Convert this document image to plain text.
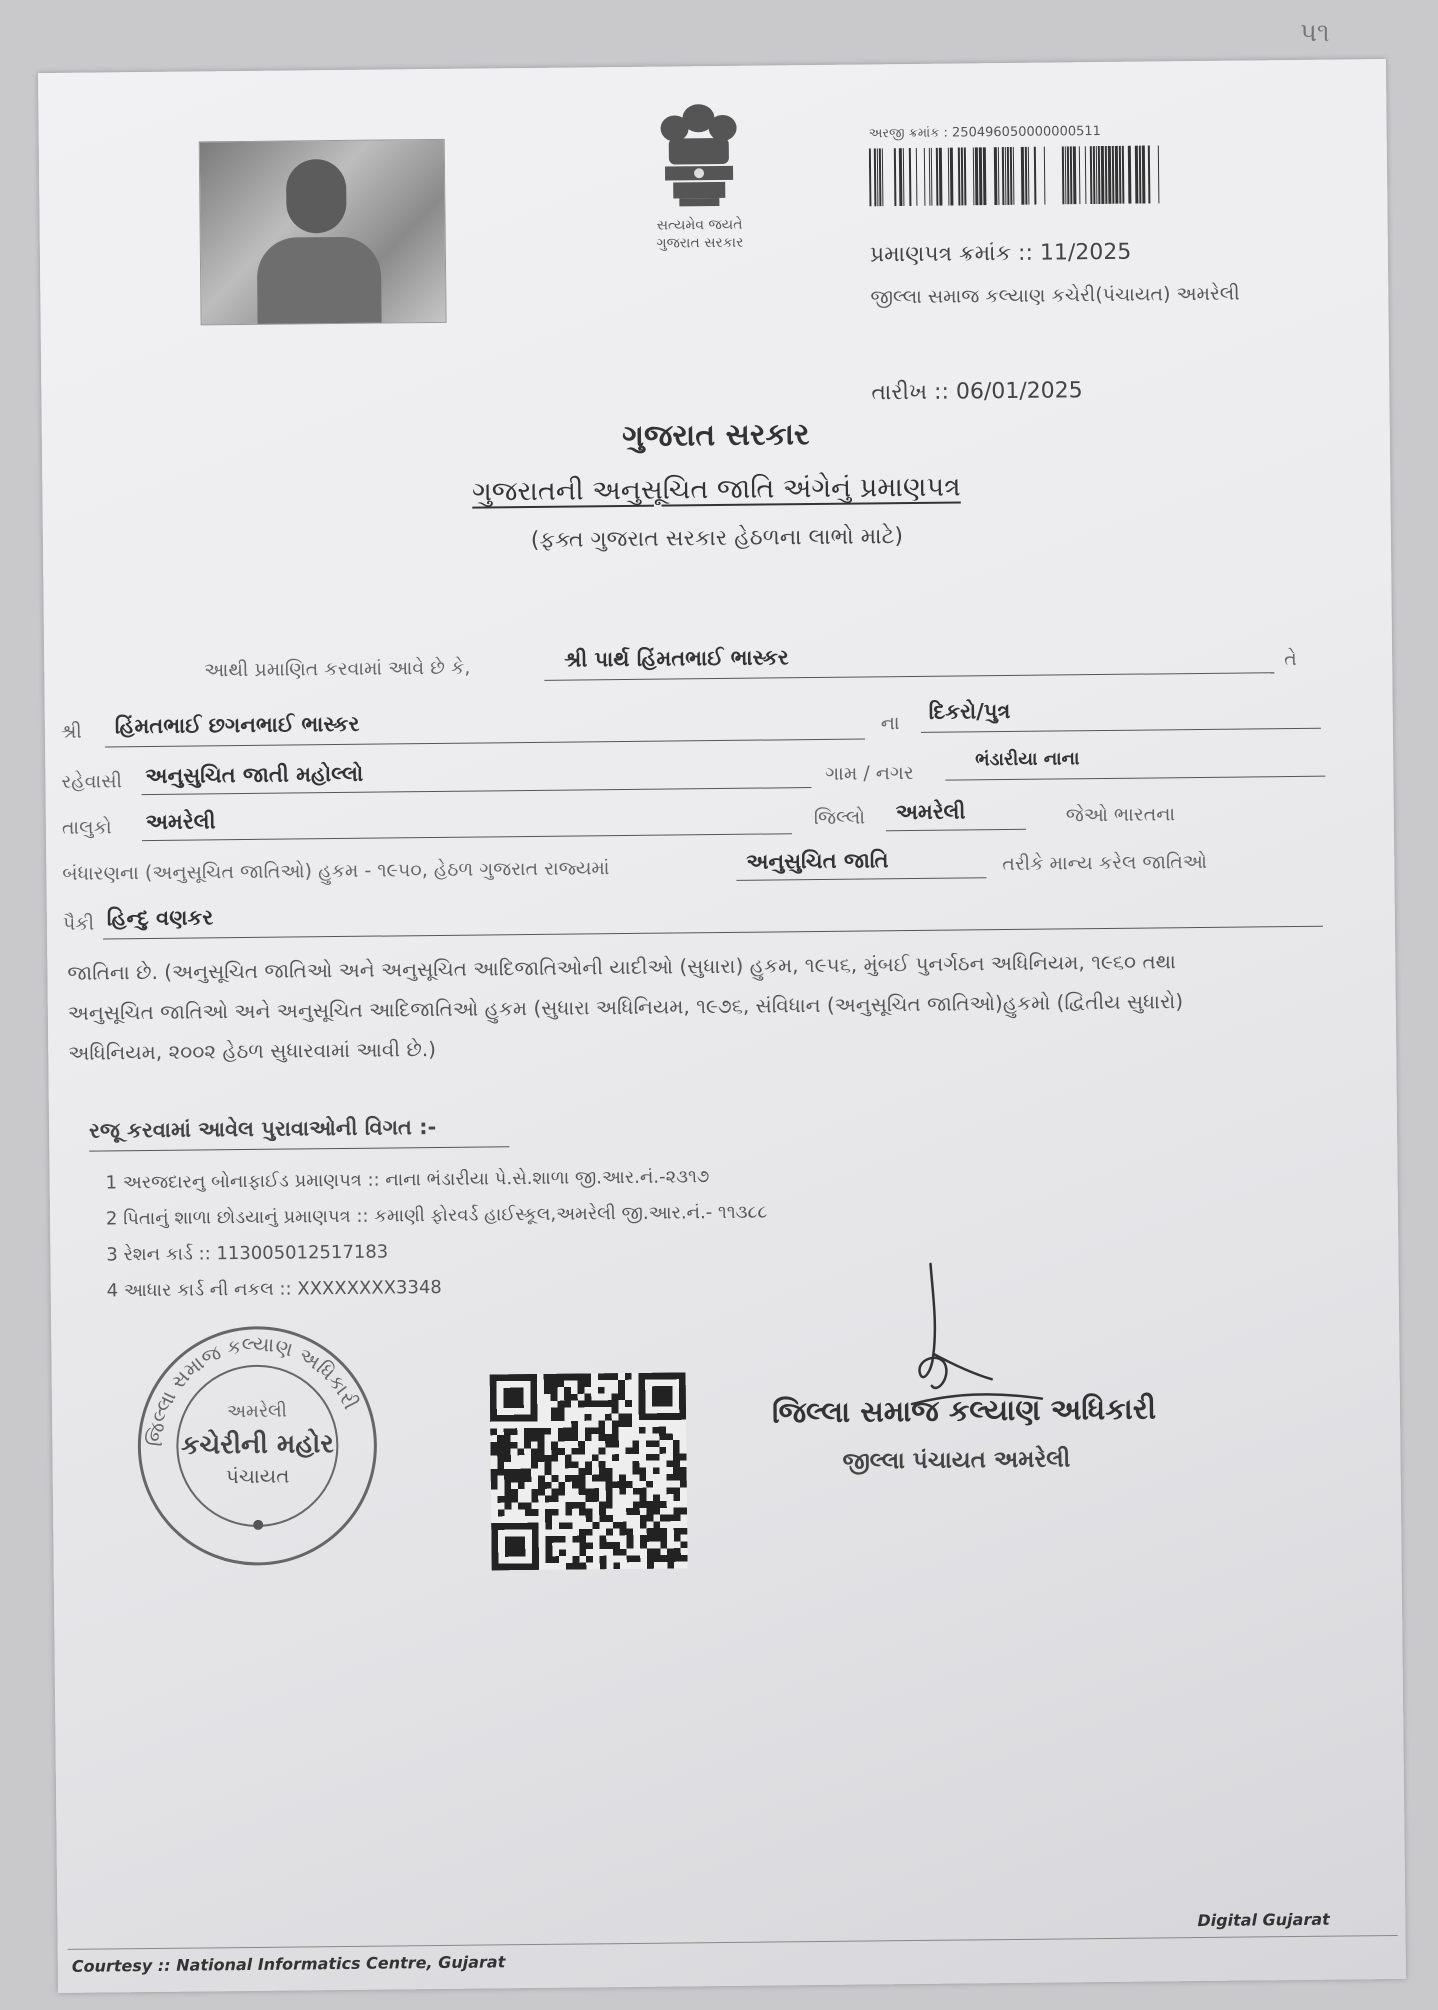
પ૧
સત્યમેવ જયતે
ગુજરાત સરકાર
અરજી ક્રમાંક : 250496050000000511
પ્રમાણપત્ર ક્રમાંક :: 11/2025
જીલ્લા સમાજ કલ્યાણ કચેરી(પંચાયત) અમરેલી
તારીખ :: 06/01/2025
ગુજરાત સરકાર
ગુજરાતની અનુસૂચિત જાતિ અંગેનું પ્રમાણપત્ર
(ફક્ત ગુજરાત સરકાર હેઠળના લાભો માટે)
આથી પ્રમાણિત કરવામાં આવે છે કે,	શ્રી પાર્થ હિંમતભાઈ ભાસ્કર	તે
શ્રી હિંમતભાઈ છગનભાઈ ભાસ્કર	ના દિકરો/પુત્ર
રહેવાસી અનુસુચિત જાતી મહોલ્લો	ગામ / નગર
ભંડારીયા નાના
તાલુકો અમરેલી	જિલ્લો અમરેલી	જેઓ ભારતના
બંધારણના (અનુસૂચિત જાતિઓ) હુકમ - ૧૯૫૦, હેઠળ ગુજરાત રાજ્યમાં	અનુસુચિત જાતિ	તરીકે માન્ય કરેલ જાતિઓ
પૈકી હિન્દુ વણકર
જાતિના છે. (અનુસૂચિત જાતિઓ અને અનુસૂચિત આદિજાતિઓની યાદીઓ (સુધારા) હુકમ, ૧૯૫૬, મુંબઈ પુનર્ગઠન અધિનિયમ, ૧૯૬૦ તથા
અનુસૂચિત જાતિઓ અને અનુસૂચિત આદિજાતિઓ હુકમ (સુધારા અધિનિયમ, ૧૯૭૬, સંવિધાન (અનુસૂચિત જાતિઓ)હુકમો (દ્વિતીય સુધારો)
અધિનિયમ, ૨૦૦૨ હેઠળ સુધારવામાં આવી છે.)
રજૂ કરવામાં આવેલ પુરાવાઓની વિગત :-
1 અરજદારનુ બોનાફાઈડ પ્રમાણપત્ર :: નાના ભંડારીયા પે.સે.શાળા જી.આર.નં.-૨૩૧૭
2 પિતાનું શાળા છોડયાનું પ્રમાણપત્ર :: કમાણી ફોરવર્ડ હાઈસ્કૂલ,અમરેલી જી.આર.નં.- ૧૧૩૮૮
3 રેશન કાર્ડ :: 113005012517183
4 આધાર કાર્ડ ની નકલ :: XXXXXXXX3348
જિલ્લા સમાજ કલ્યાણ અધિકારી
અમરેલી
કચેરીની મહોર
પંચાયત
જિલ્લા સમાજ કલ્યાણ અધિકારી
જીલ્લા પંચાયત અમરેલી
Digital Gujarat
Courtesy :: National Informatics Centre, Gujarat
